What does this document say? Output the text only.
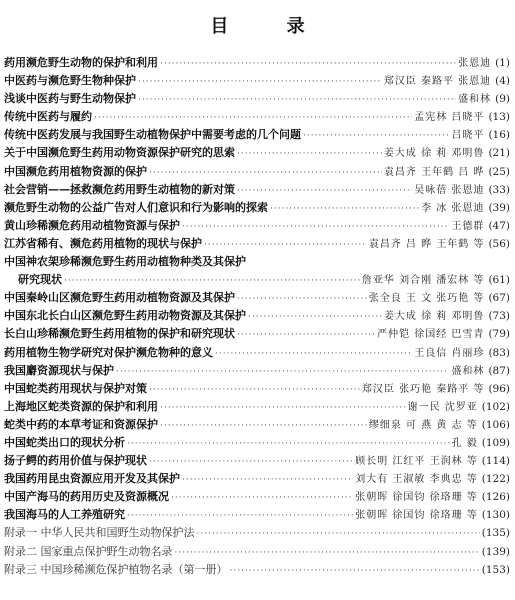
目 录
药用濒危野生动物的保护和利用 ·····	张恩迪 (1)
中医药与濒危野生物种保护 ·····	郑汉臣 秦路平 张恩迪 (4)
浅谈中医药与野生动物保护 ·····	盛和林 (9)
传统中医药与履约 ·····	孟宪林 吕晓平 (13)
传统中医药发展与我国野生动植物保护中需要考虑的几个问题 ·····	吕晓平 (16)
关于中国濒危野生药用动物资源保护研究的思索 ·····	姜大成 徐 莉 邓明鲁 (21)
中国濒危药用植物资源的保护 ·····	袁昌齐 王年鹤 吕 晔 (25)
社会营销——拯救濒危药用野生动植物的新对策 ·····	吴咏蓓 张恩迪 (33)
濒危野生动物的公益广告对人们意识和行为影响的探索 ·····	李 冰 张恩迪 (39)
黄山珍稀濒危药用动植物资源与保护 ·····	王德群 (47)
江苏省稀有、濒危药用植物的现状与保护 ·····	袁昌齐 吕 晔 王年鹤 等 (56)
中国神农架珍稀濒危野生药用动植物种类及其保护
研究现状 ·····	詹亚华 刘合刚 潘宏林 等 (61)
中国秦岭山区濒危野生药用动植物资源及其保护 ·····	张全良 王 文 张巧艳 等 (67)
中国东北长白山区濒危野生药用动物资源及其保护 ·····	姜大成 徐 莉 邓明鲁 (73)
长白山珍稀濒危野生药用植物的保护和研究现状 ·····	严仲铠 徐国经 巴雪青 (79)
药用植物生物学研究对保护濒危物种的意义 ·····	王良信 肖丽珍 (83)
我国麝资源现状与保护 ·····	盛和林 (87)
中国蛇类药用现状与保护对策 ·····	郑汉臣 张巧艳 秦路平 等 (96)
上海地区蛇类资源的保护和利用 ·····	谢一民 沈罗亚 (102)
蛇类中药的本草考证和资源保护 ·····	缪细泉 可 燕 黄 志 等 (106)
中国蛇类出口的现状分析 ·····	孔 毅 (109)
扬子鳄的药用价值与保护现状 ·····	顾长明 江红平 王润林 等 (114)
我国药用昆虫资源应用开发及其保护 ·····	刘大有 王淑敏 李典忠 等 (122)
中国产海马的药用历史及资源概况 ·····	张朝晖 徐国钧 徐珞珊 等 (126)
我国海马的人工养殖研究 ·····	张朝晖 徐国钧 徐珞珊 等 (130)
附录一 中华人民共和国野生动物保护法 ·····	(135)
附录二 国家重点保护野生动物名录 ·····	(139)
附录三 中国珍稀濒危保护植物名录（第一册） ·····	(153)
